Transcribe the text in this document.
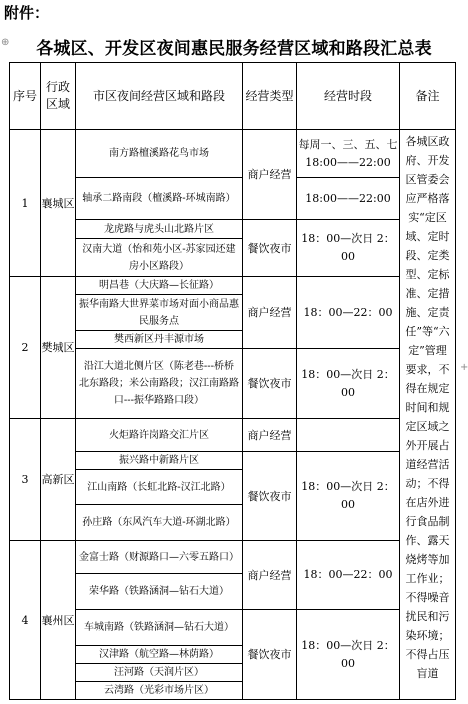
附件：
⊕	各城区、开发区夜间惠民服务经营区域和路段汇总表
+
序号	行政区域	市区夜间经营区域和路段	经营类型	经营时段	备注
1	襄城区	南方路檀溪路花鸟市场	商户经营	每周一、三、五、七 18:00——22:00	各城区政府、开发区管委会应严格落实“定区域、定时段、定类型、定标准、定措施、定责任”等“六定”管理要求，不得在规定时间和规定区域之外开展占道经营活动；不得在店外进行食品制作、露天烧烤等加工作业；不得噪音扰民和污染环境；不得占压盲道
		轴承二路南段（檀溪路-环城南路）		18:00——22:00	
		龙虎路与虎头山北路片区	餐饮夜市	18：00—次日 2：00	
		汉南大道（怡和苑小区-苏家园还建房小区路段）			
2	樊城区	明昌巷（大庆路—长征路）	商户经营	18：00—22：00	
		振华南路大世界菜市场对面小商品惠民服务点			
		樊西新区丹丰源市场			
		沿江大道北侧片区（陈老巷---桥桥北东路段；米公南路段；汉江南路路口---振华路路口段）	餐饮夜市	18：00—次日 2：00	
3	高新区	火炬路许岗路交汇片区	商户经营		
		振兴路中新路片区	餐饮夜市	18：00—次日 2：00	
		江山南路（长虹北路-汉江北路）			
		孙庄路（东风汽车大道-环湖北路）			
4	襄州区	金富士路（财源路口—六零五路口）	商户经营	18：00—22：00	
		荣华路（铁路涵洞—钻石大道）			
		车城南路（铁路涵洞—钻石大道）	餐饮夜市	18：00—次日 2：00	
		汉津路（航空路—林荫路）			
		汪河路（天润片区）			
		云湾路（光彩市场片区）			
